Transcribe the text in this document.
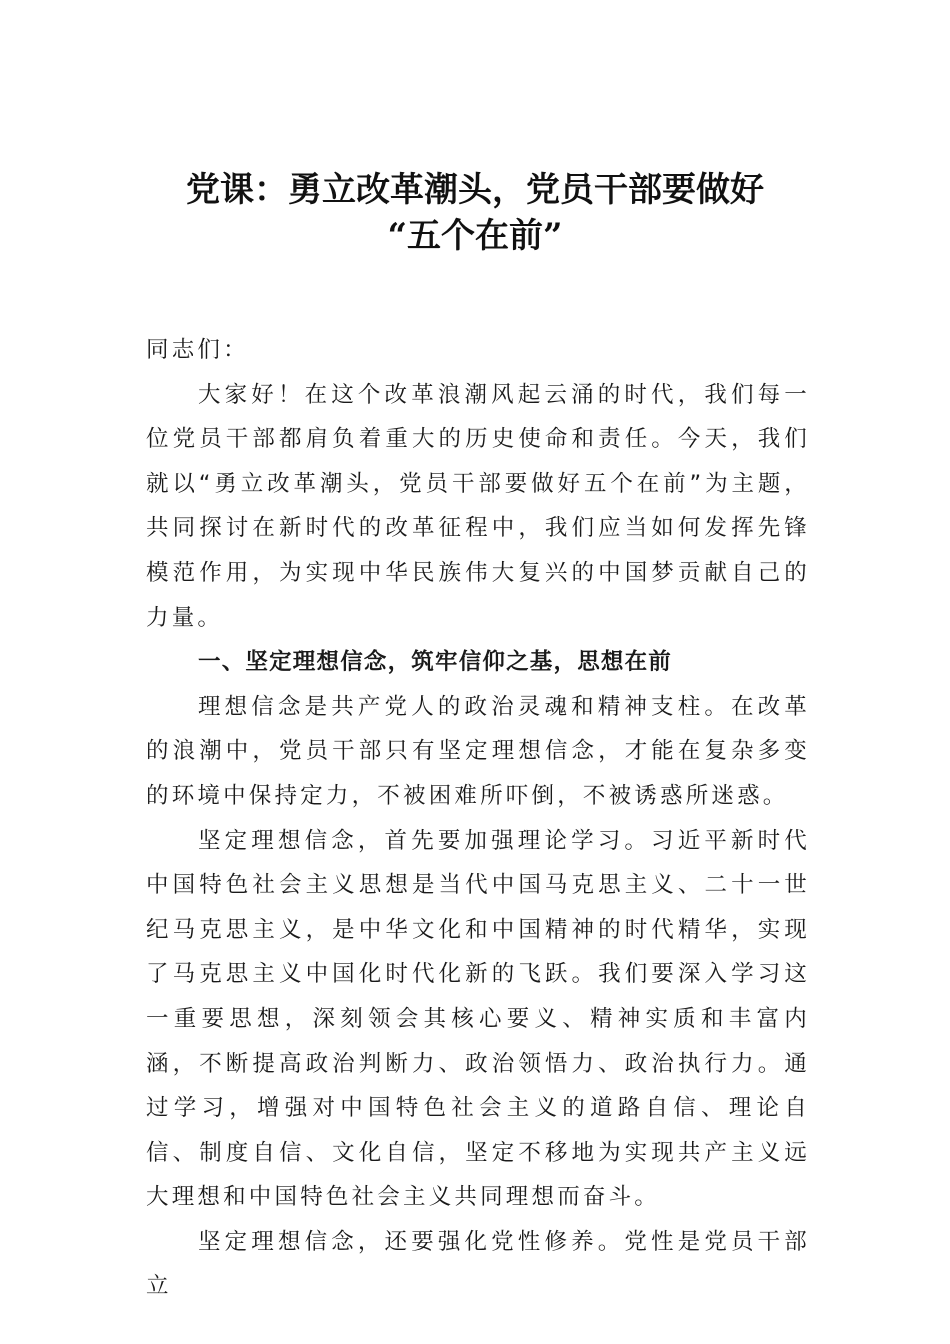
党课：勇立改革潮头，党员干部要做好
“五个在前”

同志们：

大家好！在这个改革浪潮风起云涌的时代，我们每一位党员干部都肩负着重大的历史使命和责任。今天，我们就以“勇立改革潮头，党员干部要做好五个在前”为主题，共同探讨在新时代的改革征程中，我们应当如何发挥先锋模范作用，为实现中华民族伟大复兴的中国梦贡献自己的力量。

一、坚定理想信念，筑牢信仰之基，思想在前

理想信念是共产党人的政治灵魂和精神支柱。在改革的浪潮中，党员干部只有坚定理想信念，才能在复杂多变的环境中保持定力，不被困难所吓倒，不被诱惑所迷惑。

坚定理想信念，首先要加强理论学习。习近平新时代中国特色社会主义思想是当代中国马克思主义、二十一世纪马克思主义，是中华文化和中国精神的时代精华，实现了马克思主义中国化时代化新的飞跃。我们要深入学习这一重要思想，深刻领会其核心要义、精神实质和丰富内涵，不断提高政治判断力、政治领悟力、政治执行力。通过学习，增强对中国特色社会主义的道路自信、理论自信、制度自信、文化自信，坚定不移地为实现共产主义远大理想和中国特色社会主义共同理想而奋斗。

坚定理想信念，还要强化党性修养。党性是党员干部立
